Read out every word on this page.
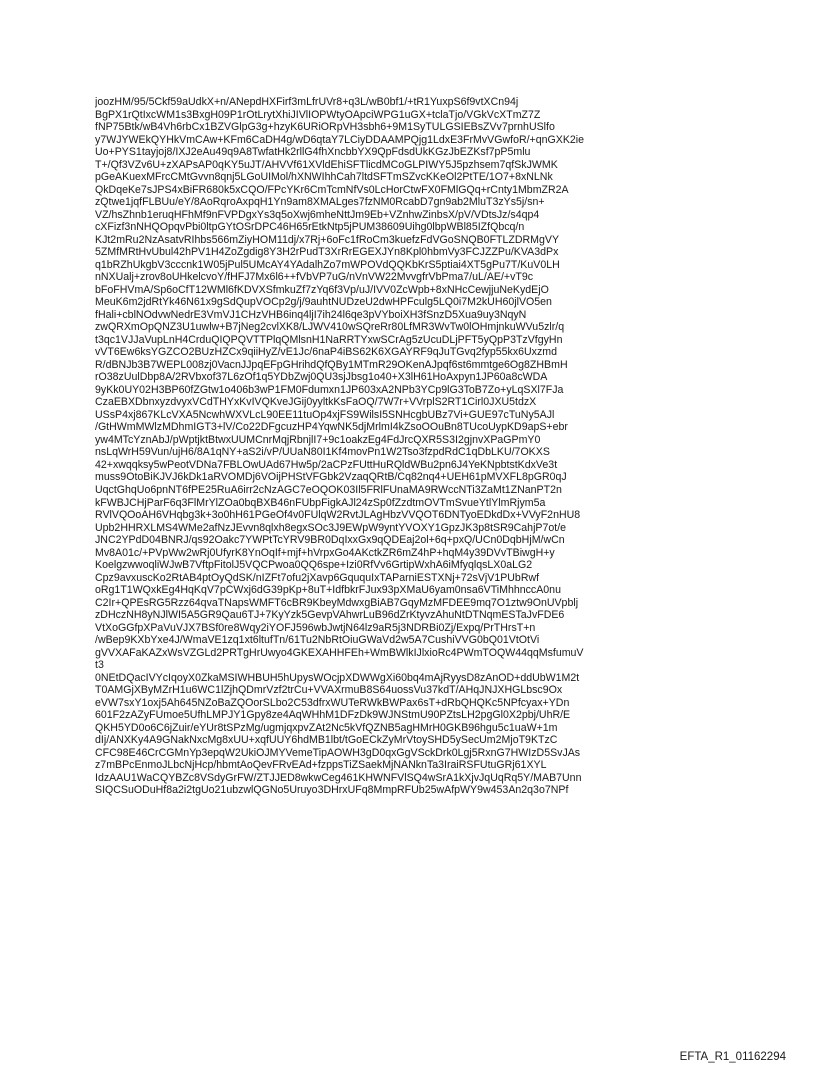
joozHM/95/5Ckf59aUdkX+n/ANepdHXFirf3mLfrUVr8+q3L/wB0bf1/+tR1YuxpS6f9vtXCn94j
BgPX1rQtIxcWM1s3BxgH09P1rOtLrytXhiJIVlIOPWtyOApciWPG1uGX+tclaTjo/VGkVcXTmZ7Z
fNP75Btk/wB4Vh6rbCx1BZVGlpG3g+hzyK6URiORpVH3sbh6+9M1SyTULGSIEBsZVv7prnhUSlfo
y7WJYWEkQYHkVmCAw+KFm6CaDH4g/wD6qtaY7LCiyDDAAMPQjg1LdxE3FrMvVGwfoR/+qnGXK2ie
Uo+PYS1tayjoj8/IXJ2eAu49q9A8TwfatHk2rllG4fhXncbbYX9QpFdsdUkKGzJbEZKsf7pP5mlu
T+/Qf3VZv6U+zXAPsAP0qKY5uJT/AHVVf61XVldEhiSFTlicdMCoGLPIWY5J5pzhsem7qfSkJWMK
pGeAKuexMFrcCMtGvvn8qnj5LGoUIMol/hXNWIhhCah7ltdSFTmSZvcKKeOl2PtTE/1O7+8xNLNk
QkDqeKe7sJPS4xBiFR680k5xCQO/FPcYKr6CmTcmNfVs0LcHorCtwFX0FMlGQq+rCnty1MbmZR2A
zQtwe1jqfFLBUu/eY/8AoRqroAxpqH1Yn9am8XMALges7fzNM0RcabD7gn9ab2MluT3zYs5j/sn+
VZ/hsZhnb1eruqHFhMf9nFVPDgxYs3q5oXwj6mheNttJm9Eb+VZnhwZinbsX/pV/VDtsJz/s4qp4
cXFizf3nNHQOpqvPbi0ltpGYtOSrDPC46H65rEtkNtp5jPUM38609Uihg0lbpWBl85IZfQbcq/n
KJt2mRu2NzAsatvRIhbs566mZiyHOM11dj/x7Rj+6oFc1fRoCm3kuefzFdVGoSNQB0FTLZDRMgVY
5ZMfMRtHvUbul42hPV1H4ZoZgdig8Y3H2rPudT3XrRrEGEXJYn8Kpl0hbmVy3FCJZZPu/KVA3dPx
q1bRZhUkgbV3cccnk1W05jPul5UMcAY4YAdalhZo7mWPOVdQQKbKrS5ptiai4XT5gPu7T/KuV0LH
nNXUalj+zrov8oUHkelcvoY/fHFJ7Mx6l6++fVbVP7uG/nVnVW22MvvgfrVbPma7/uL/AE/+vT9c
bFoFHVmA/Sp6oCfT12WMl6fKDVXSfmkuZf7zYq6f3Vp/uJ/IVV0ZcWpb+8xNHcCewjjuNeKydEjO
MeuK6m2jdRtYk46N61x9gSdQupVOCp2g/j/9auhtNUDzeU2dwHPFculg5LQ0i7M2kUH60jlVO5en
fHali+cblNOdvwNedrE3VmVJ1CHzVHB6inq4ljI7ih24l6qe3pVYboiXH3fSnzD5Xua9uy3NqyN
zwQRXmOpQNZ3U1uwlw+B7jNeg2cvlXK8/LJWV410wSQreRr80LfMR3WvTw0lOHmjnkuWVu5zlr/q
t3qc1VJJaVupLnH4CrduQIQPQVTTPlqQMlsnH1NaRRTYxwSCrAg5zUcuDLjPFT5yQpP3TzVfgyHn
vVT6Ew6ksYGZCO2BUzHZCx9qiiHyZ/vE1Jc/6naP4iBS62K6XGAYRF9qJuTGvq2fyp55kx6Uxzmd
R/dBNJb3B7WEPL008zj0VacnJJpqEFpGHrihdQfQBy1MTmR29OKenAJpqf6st6mmtge6Og8ZHBmH
rO38zUulDbp8A/2RVbxof37L6zOf1q5YDbZwj0QU3sjJbsg1o40+X3lH61HoAxpyn1JP60a8cWDA
9yKk0UY02H3BP60fZGtw1o406b3wP1FM0Fdumxn1JP603xA2NPb3YCp9lG3ToB7Zo+yLqSXl7FJa
CzaEBXDbnxyzdvyxVCdTHYxKvIVQKveJGij0yyltkKsFaOQ/7W7r+VVrplS2RT1Cirl0JXU5tdzX
USsP4xj867KLcVXA5NcwhWXVLcL90EE11tuOp4xjFS9WilsI5SNHcgbUBz7Vi+GUE97cTuNy5AJl
/GtHWmMWlzMDhmIGT3+lV/Co22DFgcuzHP4YqwNK5djMrlmI4kZsoOOuBn8TUcoUypKD9apS+ebr
yw4MTcYznAbJ/pWptjktBtwxUUMCnrMqjRbnjlI7+9c1oakzEg4FdJrcQXR5S3I2gjnvXPaGPmY0
nsLqWrH59Vun/ujH6/8A1qNY+aS2i/vP/UUaN80I1Kf4movPn1W2Tso3fzpdRdC1qDbLKU/7OKXS
42+xwqqksy5wPeotVDNa7FBLOwUAd67Hw5p/2aCPzFUttHuRQldWBu2pn6J4YeKNpbtstKdxVe3t
muss9OtoBiKJVJ6kDk1aRVOMDj6VOijPHStVFGbk2VzaqQRtB/Cq82nq4+UEH61pMVXFL8pGR0qJ
UqctGhqUo6pnNT6fPE25RuA6irr2cNzAGC7eOQOK03Il5FRlFUnaMA9RWccNTi3ZaMt1ZNanPT2n
kFWBJCHjParF6q3FlMrYlZOa0bqBXB46nFUbpFigkAJl24zSp0fZzdtmOVTmSvueYtlYlmRjym5a
RVlVQOoAH6VHqbg3k+3o0hH61PGeOf4v0FUlqW2RvtJLAgHbzVVQOT6DNTyoEDkdDx+VVyF2nHU8
Upb2HHRXLMS4WMe2afNzJEvvn8qlxh8egxSOc3J9EWpW9yntYVOXY1GpzJK3p8tSR9CahjP7ot/e
JNC2YPdD04BNRJ/qs92Oakc7YWPtTcYRV9BR0DqIxxGx9qQDEaj2ol+6q+pxQ/UCn0DqbHjM/wCn
Mv8A01c/+PVpWw2wRj0UfyrK8YnOqIf+mjf+hVrpxGo4AKctkZR6mZ4hP+hqM4y39DVvTBiwgH+y
KoelgzwwoqliWJwB7VftpFitolJ5VQCPwoa0QQ6spe+Izi0RfVv6GrtipWxhA6iMfyqlqsLX0aLG2
Cpz9avxuscKo2RtAB4ptOyQdSK/nIZFt7ofu2jXavp6GququIxTAParniESTXNj+72sVjV1PUbRwf
oRg1T1WQxkEg4HqKqV7pCWxj6dG39pKp+8uT+IdfbkrFJux93pXMaU6yam0nsa6VTiMhhnccA0nu
C2Ir+QPEsRG5Rzz64qvaTNapsWMFT6cBR9KbeyMdwxgBiAB7GqyMzMFDEE9mq7O1ztw9OnUVpblj
zDHczNH8yNJlWI5A5GR9Qau6TJ+7KyYzk5GevpVAhwrLuB96dZrKtyvzAhuNtDTNqmESTaJvFDE6
VtXoGGfpXPaVuVJX7BSf0re8Wqy2iYOFJ596wbJwtjN64lz9aR5j3NDRBi0Zj/Expq/PrTHrsT+n
/wBep9KXbYxe4J/WmaVE1zq1xt6ltufTn/61Tu2NbRtOiuGWaVd2w5A7CushiVVG0bQ01VtOtVi
gVVXAFaKAZxWsVZGLd2PRTgHrUwyo4GKEXAHHFEh+WmBWlkIJlxioRc4PWmTOQW44qqMsfumuV
t3
0NEtDQacIVYcIqoyX0ZkaMSIWHBUH5hUpysWOcjpXDWWgXi60bq4mAjRyysD8zAnOD+ddUbW1M2t
T0AMGjXByMZrH1u6WC1lZjhQDmrVzf2trCu+VVAXrmuB8S64uossVu37kdT/AHqJNJXHGLbsc9Ox
eVW7sxY1oxj5Ah645NZoBaZQOorSLbo2C53dfrxWUTeRWkBWPax6sT+dRbQHQKc5NPfcyax+YDn
601F2zAZyFUmoe5UfhLMPJY1Gpy8ze4AqWHhM1DFzDk9WJNStmU90PZtsLH2pgGl0X2pbj/UhR/E
QKH5YD0o6C6jZuir/eYUr8tSPzMg/ugmjqxpvZAt2Nc5kVfQZNB5agHMrH0GKB96hgu5c1uaW+1m
dIj/ANXKy4A9GNakNxcMg8xUU+xqfUUY6hdMB1lbt/tGoECkZyMrVtoySHD5ySecUm2MjoT9KTzC
CFC98E46CrCGMnYp3epqW2UkiOJMYVemeTipAOWH3gD0qxGgVSckDrk0Lgj5RxnG7HWIzD5SvJAs
z7mBPcEnmoJLbcNjHcp/hbmtAoQevFRvEAd+fzppsTiZSaekMjNANknTa3IraiRSFUtuGRj61XYL
IdzAAU1WaCQYBZc8VSdyGrFW/ZTJJED8wkwCeg461KHWNFVlSQ4wSrA1kXjvJqUqRq5Y/MAB7Unn
SIQCSuODuHf8a2i2tgUo21ubzwlQGNo5Uruyo3DHrxUFq8MmpRFUb25wAfpWY9w453An2q3o7NPf
EFTA_R1_01162294
